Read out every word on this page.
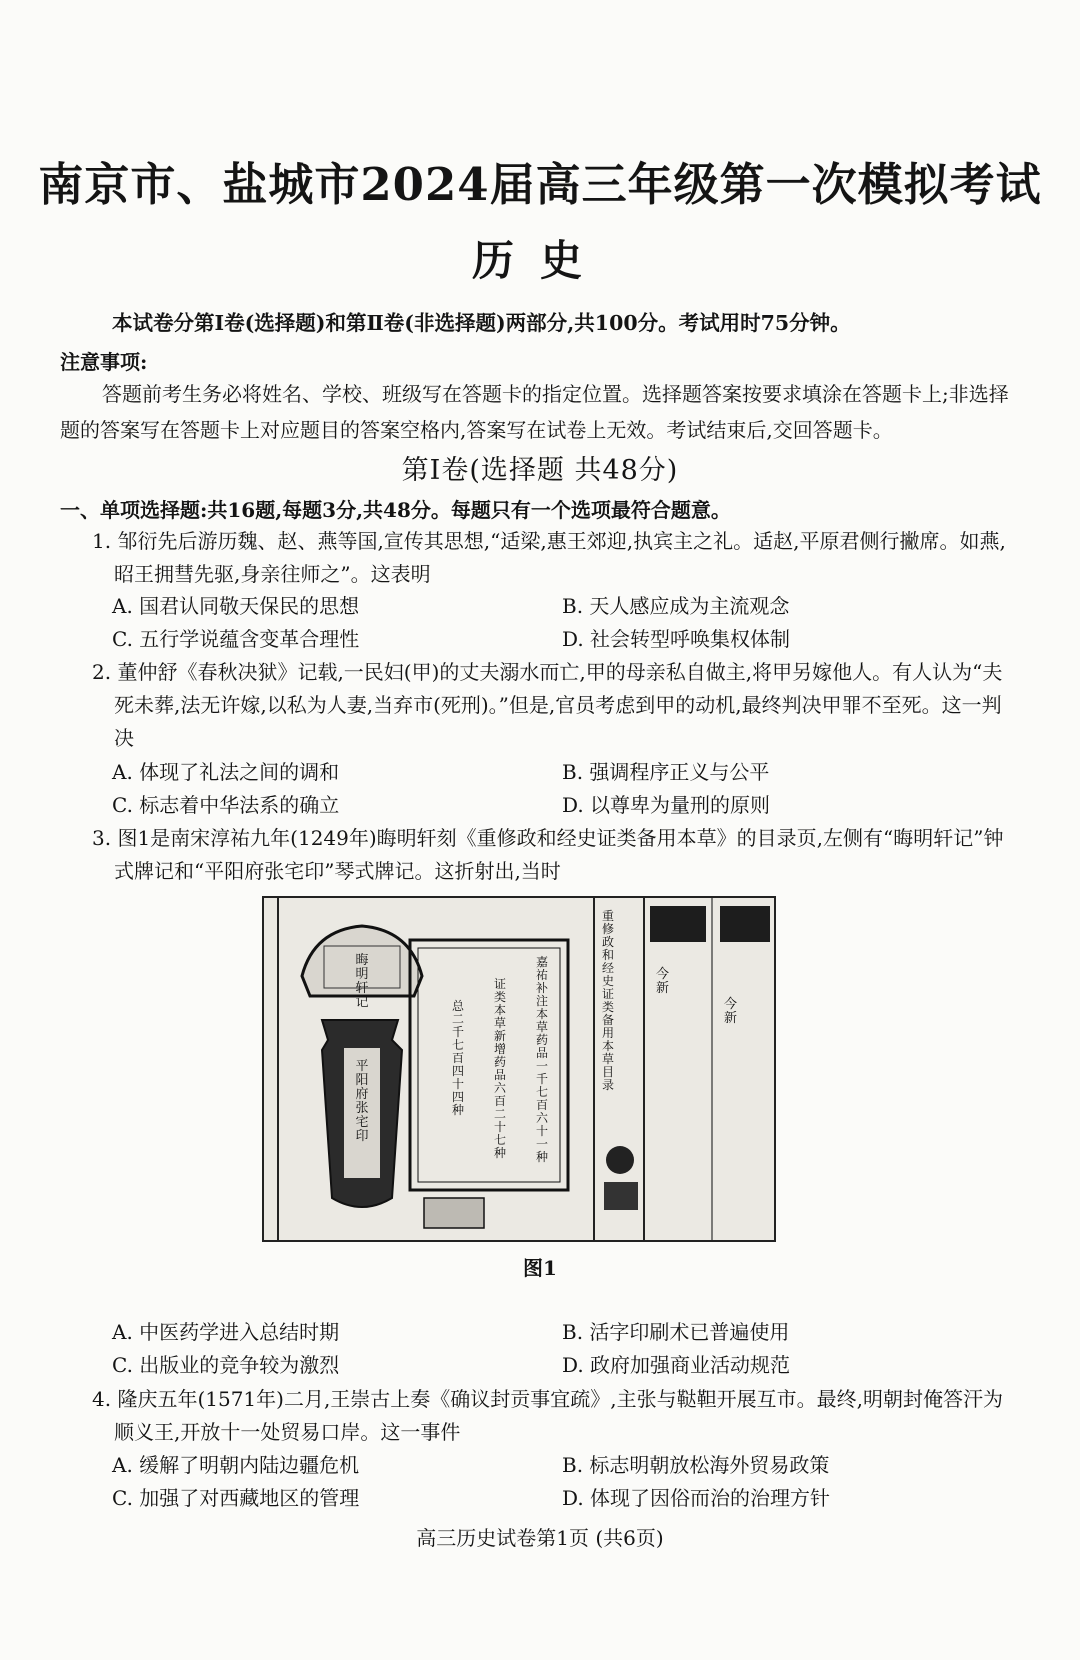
南京市、盐城市2024届高三年级第一次模拟考试
历史
本试卷分第Ⅰ卷(选择题)和第Ⅱ卷(非选择题)两部分,共100分。考试用时75分钟。
注意事项:
答题前考生务必将姓名、学校、班级写在答题卡的指定位置。选择题答案按要求填涂在答题卡上;非选择题的答案写在答题卡上对应题目的答案空格内,答案写在试卷上无效。考试结束后,交回答题卡。
第Ⅰ卷(选择题 共48分)
一、单项选择题:共16题,每题3分,共48分。每题只有一个选项最符合题意。
1. 邹衍先后游历魏、赵、燕等国,宣传其思想,“适梁,惠王郊迎,执宾主之礼。适赵,平原君侧行撇席。如燕,昭王拥彗先驱,身亲往师之”。这表明
A. 国君认同敬天保民的思想	B. 天人感应成为主流观念
C. 五行学说蕴含变革合理性	D. 社会转型呼唤集权体制
2. 董仲舒《春秋决狱》记载,一民妇(甲)的丈夫溺水而亡,甲的母亲私自做主,将甲另嫁他人。有人认为“夫死未葬,法无许嫁,以私为人妻,当弃市(死刑)。”但是,官员考虑到甲的动机,最终判决甲罪不至死。这一判决
A. 体现了礼法之间的调和	B. 强调程序正义与公平
C. 标志着中华法系的确立	D. 以尊卑为量刑的原则
3. 图1是南宋淳祐九年(1249年)晦明轩刻《重修政和经史证类备用本草》的目录页,左侧有“晦明轩记”钟式牌记和“平阳府张宅印”琴式牌记。这折射出,当时
晦明轩记
平阳府张宅印
嘉祐补注本草药品一千七百六十一种
证类本草新增药品六百二十七种
总二千七百四十四种
重修政和经史证类备用本草目录
今新
今新
图1
A. 中医药学进入总结时期	B. 活字印刷术已普遍使用
C. 出版业的竞争较为激烈	D. 政府加强商业活动规范
4. 隆庆五年(1571年)二月,王崇古上奏《确议封贡事宜疏》,主张与鞑靼开展互市。最终,明朝封俺答汗为顺义王,开放十一处贸易口岸。这一事件
A. 缓解了明朝内陆边疆危机	B. 标志明朝放松海外贸易政策
C. 加强了对西藏地区的管理	D. 体现了因俗而治的治理方针
高三历史试卷第1页 (共6页)
